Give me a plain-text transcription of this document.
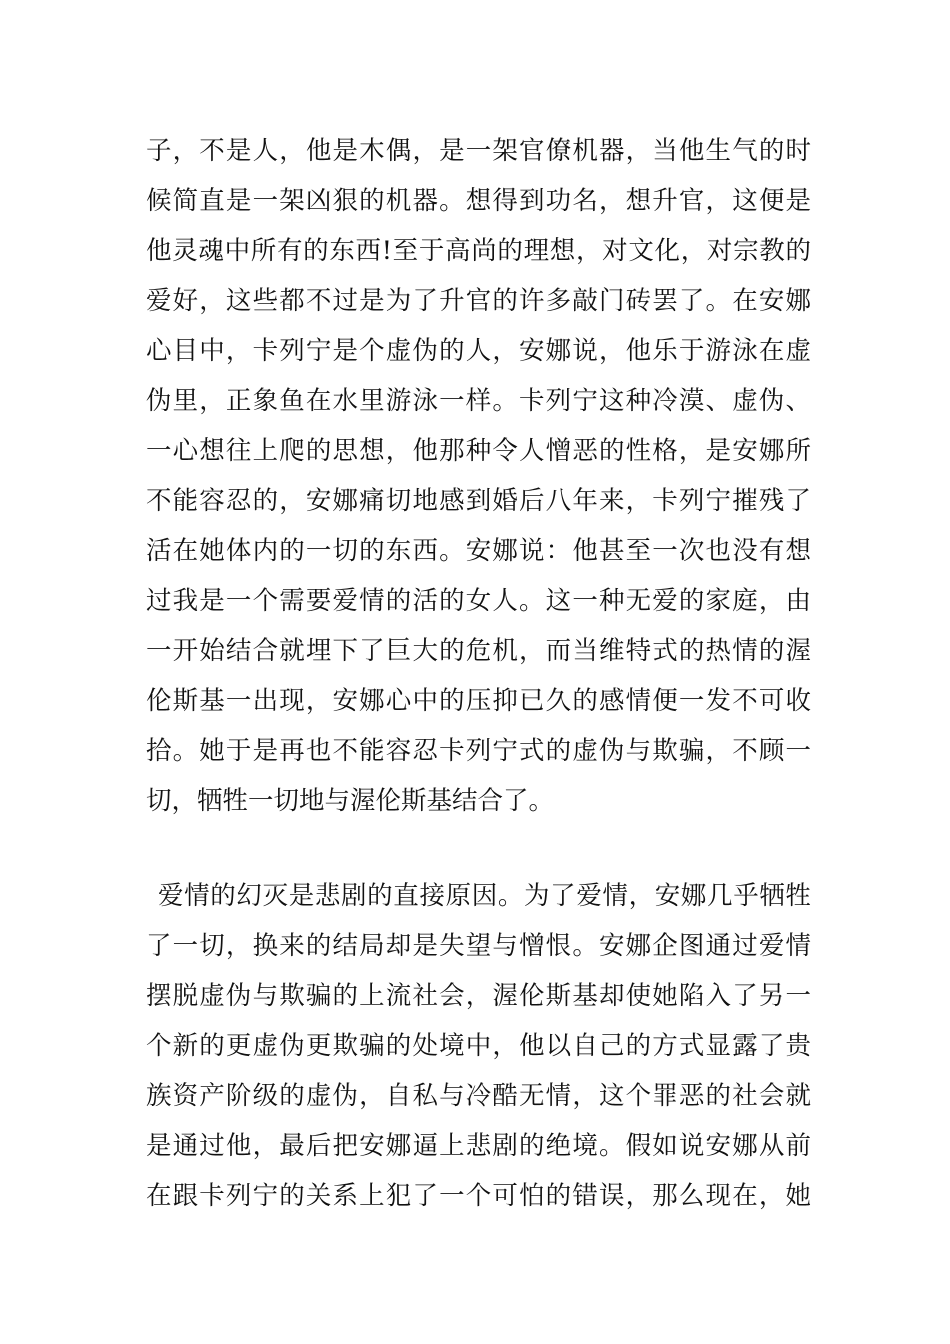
子，不是人，他是木偶，是一架官僚机器，当他生气的时
候简直是一架凶狠的机器。想得到功名，想升官，这便是
他灵魂中所有的东西!至于高尚的理想，对文化，对宗教的
爱好，这些都不过是为了升官的许多敲门砖罢了。在安娜
心目中，卡列宁是个虚伪的人，安娜说，他乐于游泳在虚
伪里，正象鱼在水里游泳一样。卡列宁这种冷漠、虚伪、
一心想往上爬的思想，他那种令人憎恶的性格，是安娜所
不能容忍的，安娜痛切地感到婚后八年来，卡列宁摧残了
活在她体内的一切的东西。安娜说：他甚至一次也没有想
过我是一个需要爱情的活的女人。这一种无爱的家庭，由
一开始结合就埋下了巨大的危机，而当维特式的热情的渥
伦斯基一出现，安娜心中的压抑已久的感情便一发不可收
拾。她于是再也不能容忍卡列宁式的虚伪与欺骗，不顾一
切，牺牲一切地与渥伦斯基结合了。
爱情的幻灭是悲剧的直接原因。为了爱情，安娜几乎牺牲
了一切，换来的结局却是失望与憎恨。安娜企图通过爱情
摆脱虚伪与欺骗的上流社会，渥伦斯基却使她陷入了另一
个新的更虚伪更欺骗的处境中，他以自己的方式显露了贵
族资产阶级的虚伪，自私与冷酷无情，这个罪恶的社会就
是通过他，最后把安娜逼上悲剧的绝境。假如说安娜从前
在跟卡列宁的关系上犯了一个可怕的错误，那么现在，她
